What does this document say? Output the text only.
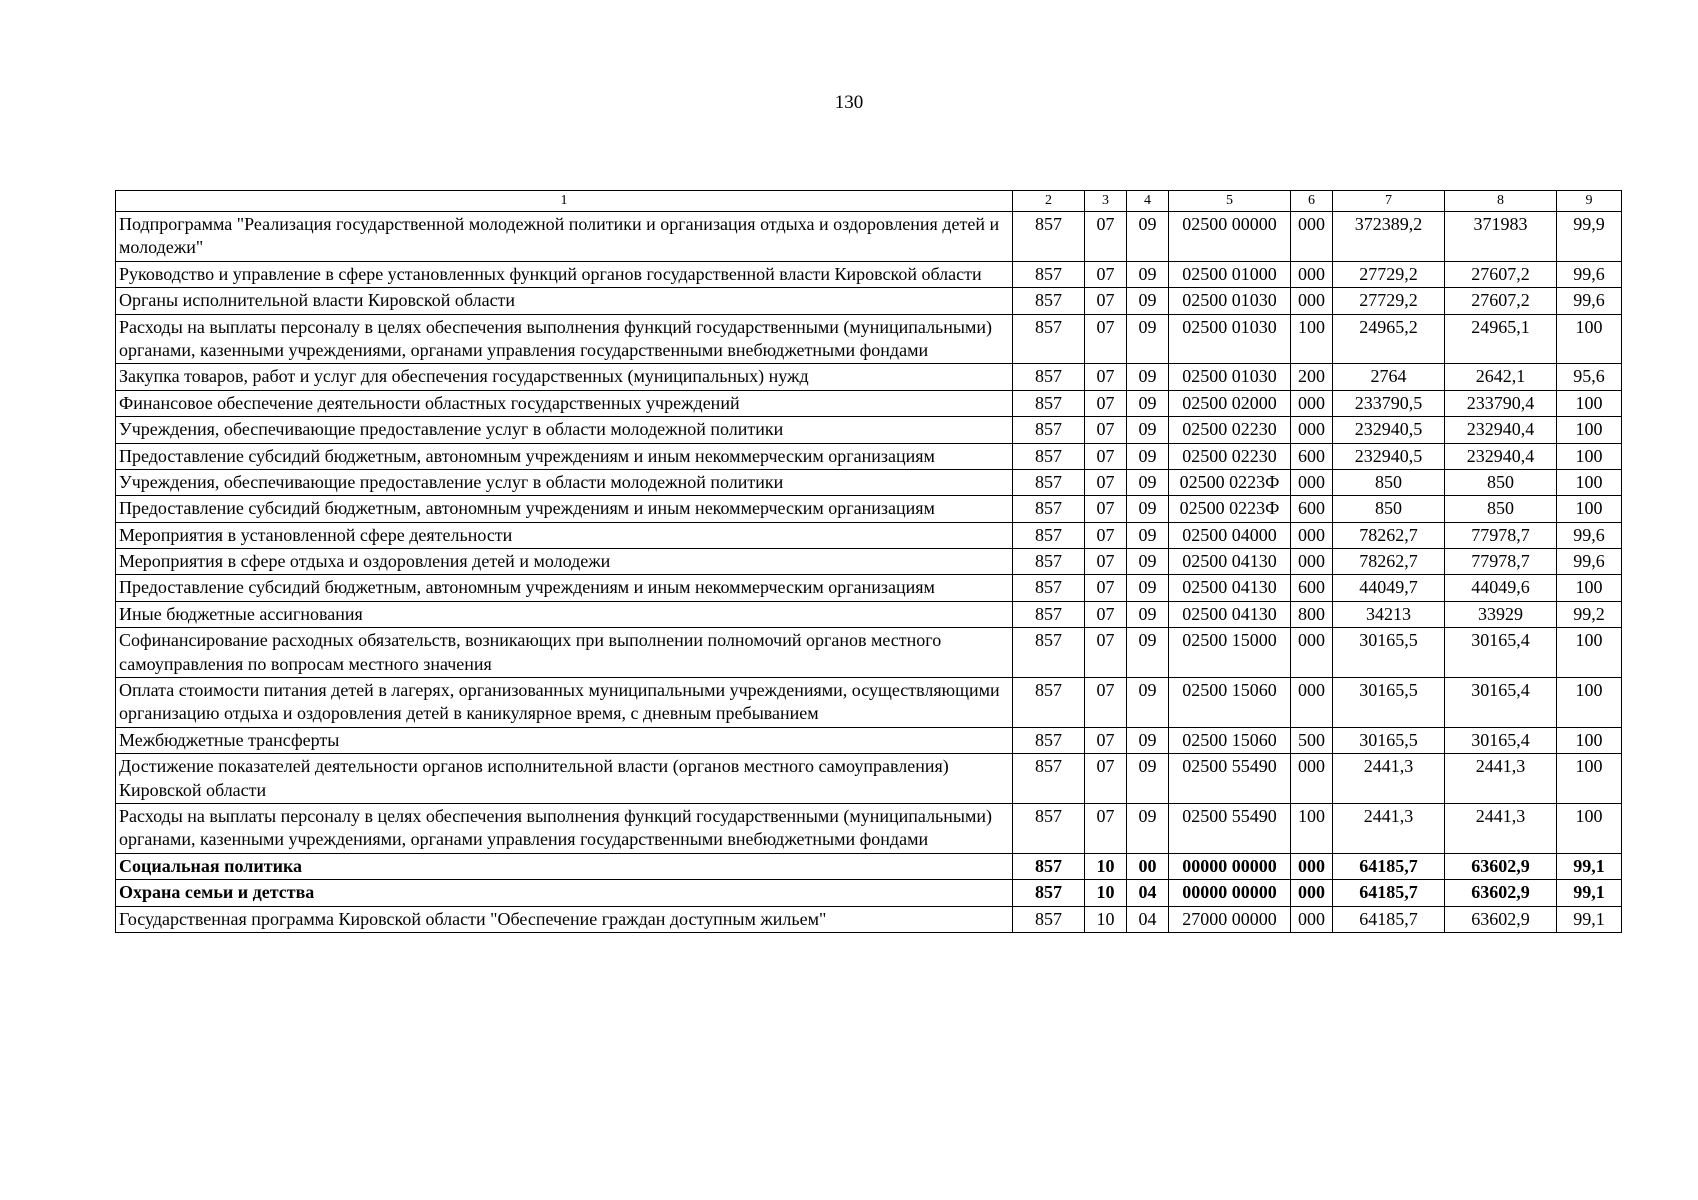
130
1	2	3	4	5	6	7	8	9
Подпрограмма "Реализация государственной молодежной политики и организация отдыха и оздоровления детей и молодежи"	857	07	09	02500 00000	000	372389,2	371983	99,9
Руководство и управление в сфере установленных функций органов государственной власти Кировской области	857	07	09	02500 01000	000	27729,2	27607,2	99,6
Органы исполнительной власти Кировской области	857	07	09	02500 01030	000	27729,2	27607,2	99,6
Расходы на выплаты персоналу в целях обеспечения выполнения функций государственными (муниципальными) органами, казенными учреждениями, органами управления государственными внебюджетными фондами	857	07	09	02500 01030	100	24965,2	24965,1	100
Закупка товаров, работ и услуг для обеспечения государственных (муниципальных) нужд	857	07	09	02500 01030	200	2764	2642,1	95,6
Финансовое обеспечение деятельности областных государственных учреждений	857	07	09	02500 02000	000	233790,5	233790,4	100
Учреждения, обеспечивающие предоставление услуг в области молодежной политики	857	07	09	02500 02230	000	232940,5	232940,4	100
Предоставление субсидий бюджетным, автономным учреждениям и иным некоммерческим организациям	857	07	09	02500 02230	600	232940,5	232940,4	100
Учреждения, обеспечивающие предоставление услуг в области молодежной политики	857	07	09	02500 0223Ф	000	850	850	100
Предоставление субсидий бюджетным, автономным учреждениям и иным некоммерческим организациям	857	07	09	02500 0223Ф	600	850	850	100
Мероприятия в установленной сфере деятельности	857	07	09	02500 04000	000	78262,7	77978,7	99,6
Мероприятия в сфере отдыха и оздоровления детей и молодежи	857	07	09	02500 04130	000	78262,7	77978,7	99,6
Предоставление субсидий бюджетным, автономным учреждениям и иным некоммерческим организациям	857	07	09	02500 04130	600	44049,7	44049,6	100
Иные бюджетные ассигнования	857	07	09	02500 04130	800	34213	33929	99,2
Софинансирование расходных обязательств, возникающих при выполнении полномочий органов местного самоуправления по вопросам местного значения	857	07	09	02500 15000	000	30165,5	30165,4	100
Оплата стоимости питания детей в лагерях, организованных муниципальными учреждениями, осуществляющими организацию отдыха и оздоровления детей в каникулярное время, с дневным пребыванием	857	07	09	02500 15060	000	30165,5	30165,4	100
Межбюджетные трансферты	857	07	09	02500 15060	500	30165,5	30165,4	100
Достижение показателей деятельности органов исполнительной власти (органов местного самоуправления) Кировской области	857	07	09	02500 55490	000	2441,3	2441,3	100
Расходы на выплаты персоналу в целях обеспечения выполнения функций государственными (муниципальными) органами, казенными учреждениями, органами управления государственными внебюджетными фондами	857	07	09	02500 55490	100	2441,3	2441,3	100
Социальная политика	857	10	00	00000 00000	000	64185,7	63602,9	99,1
Охрана семьи и детства	857	10	04	00000 00000	000	64185,7	63602,9	99,1
Государственная программа Кировской области "Обеспечение граждан доступным жильем"	857	10	04	27000 00000	000	64185,7	63602,9	99,1
